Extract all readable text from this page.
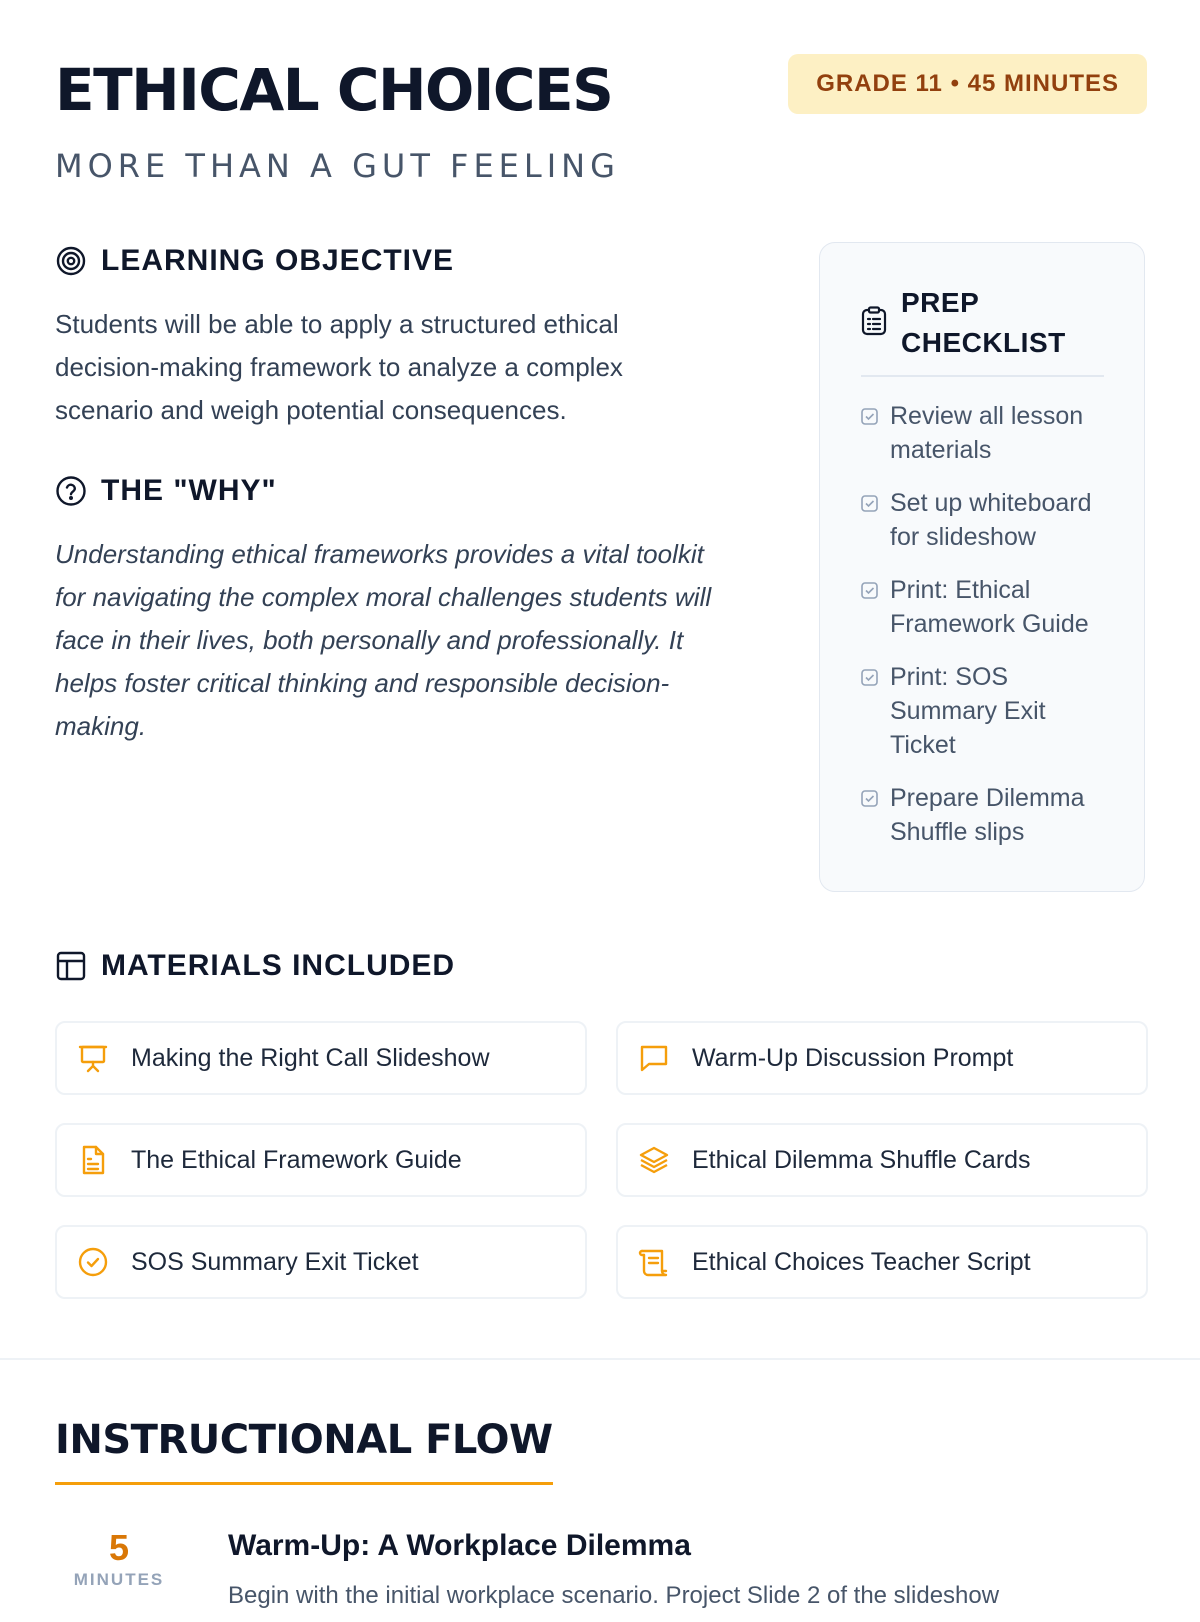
ETHICAL CHOICES
MORE THAN A GUT FEELING
GRADE 11 • 45 MINUTES
LEARNING OBJECTIVE

Students will be able to apply a structured ethical decision-making framework to analyze a complex scenario and weigh potential consequences.

THE "WHY"

Understanding ethical frameworks provides a vital toolkit for navigating the complex moral challenges students will face in their lives, both personally and professionally. It helps foster critical thinking and responsible decision-making.

PREP
CHECKLIST
Review all lesson materials
Set up whiteboard for slideshow
Print: Ethical Framework Guide
Print: SOS Summary Exit Ticket
Prepare Dilemma Shuffle slips
MATERIALS INCLUDED
Making the Right Call Slideshow	Warm-Up Discussion Prompt
The Ethical Framework Guide	Ethical Dilemma Shuffle Cards
SOS Summary Exit Ticket	Ethical Choices Teacher Script
INSTRUCTIONAL FLOW
5
MINUTES
Warm-Up: A Workplace Dilemma
Begin with the initial workplace scenario. Project Slide 2 of the slideshow
